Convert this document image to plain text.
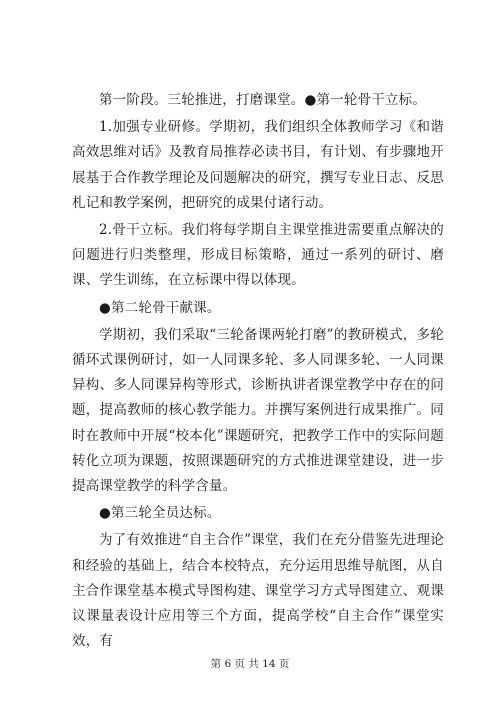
第一阶段。三轮推进，打磨课堂。●第一轮骨干立标。

1.加强专业研修。学期初，我们组织全体教师学习《和谐高效思维对话》及教育局推荐必读书目，有计划、有步骤地开展基于合作教学理论及问题解决的研究，撰写专业日志、反思札记和教学案例，把研究的成果付诸行动。

2.骨干立标。我们将每学期自主课堂推进需要重点解决的问题进行归类整理，形成目标策略，通过一系列的研讨、磨课、学生训练，在立标课中得以体现。

●第二轮骨干献课。

学期初，我们采取“三轮备课两轮打磨”的教研模式，多轮循环式课例研讨，如一人同课多轮、多人同课多轮、一人同课异构、多人同课异构等形式，诊断执讲者课堂教学中存在的问题，提高教师的核心教学能力。并撰写案例进行成果推广。同时在教师中开展“校本化”课题研究，把教学工作中的实际问题转化立项为课题，按照课题研究的方式推进课堂建设，进一步提高课堂教学的科学含量。

●第三轮全员达标。

为了有效推进“自主合作”课堂，我们在充分借鉴先进理论和经验的基础上，结合本校特点，充分运用思维导航图，从自主合作课堂基本模式导图构建、课堂学习方式导图建立、观课议课量表设计应用等三个方面，提高学校“自主合作”课堂实效，有

第 6 页 共 14 页
